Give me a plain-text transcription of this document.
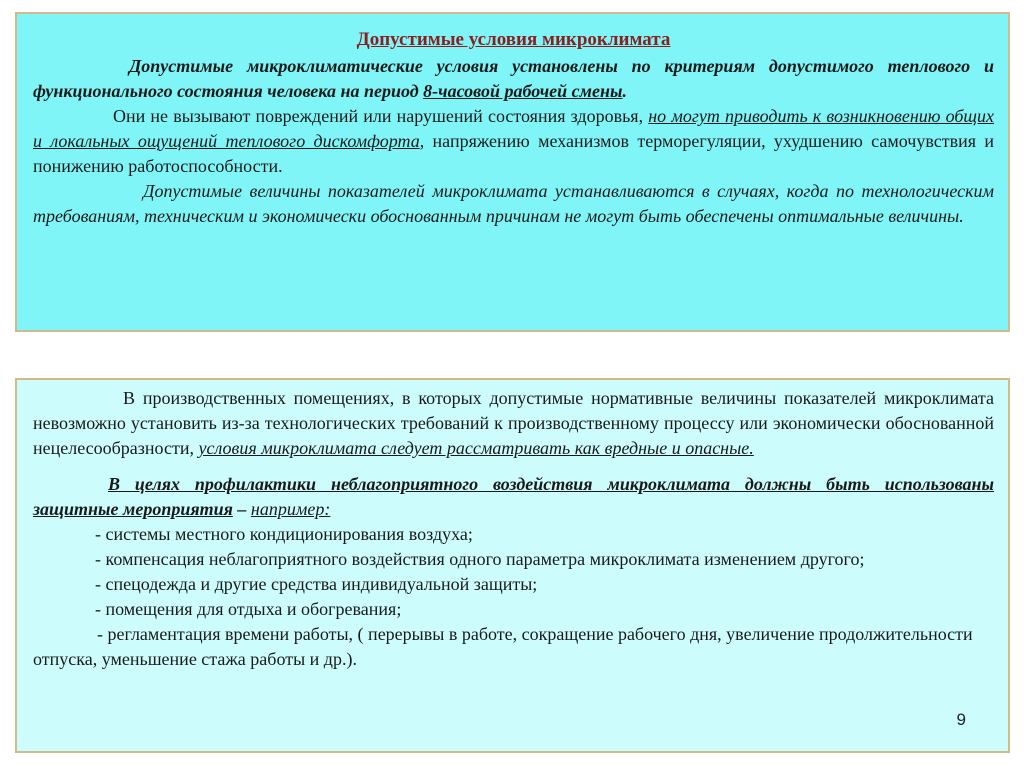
Допустимые условия микроклимата

Допустимые микроклиматические условия установлены по критериям допустимого теплового и функционального состояния человека на период 8-часовой рабочей смены.

Они не вызывают повреждений или нарушений состояния здоровья, но могут приводить к возникновению общих и локальных ощущений теплового дискомфорта, напряжению механизмов терморегуляции, ухудшению самочувствия и понижению работоспособности.

Допустимые величины показателей микроклимата устанавливаются в случаях, когда по технологическим требованиям, техническим и экономически обоснованным причинам не могут быть обеспечены оптимальные величины.

В производственных помещениях, в которых допустимые нормативные величины показателей микроклимата невозможно установить из-за технологических требований к производственному процессу или экономически обоснованной нецелесообразности, условия микроклимата следует рассматривать как вредные и опасные.

В целях профилактики неблагоприятного воздействия микроклимата должны быть использованы защитные мероприятия – например:

- системы местного кондиционирования воздуха;
- компенсация неблагоприятного воздействия одного параметра микроклимата изменением другого;
- спецодежда и другие средства индивидуальной защиты;
- помещения для отдыха и обогревания;
- регламентация времени работы, ( перерывы в работе, сокращение рабочего дня, увеличение продолжительности отпуска, уменьшение стажа работы и др.).
9
